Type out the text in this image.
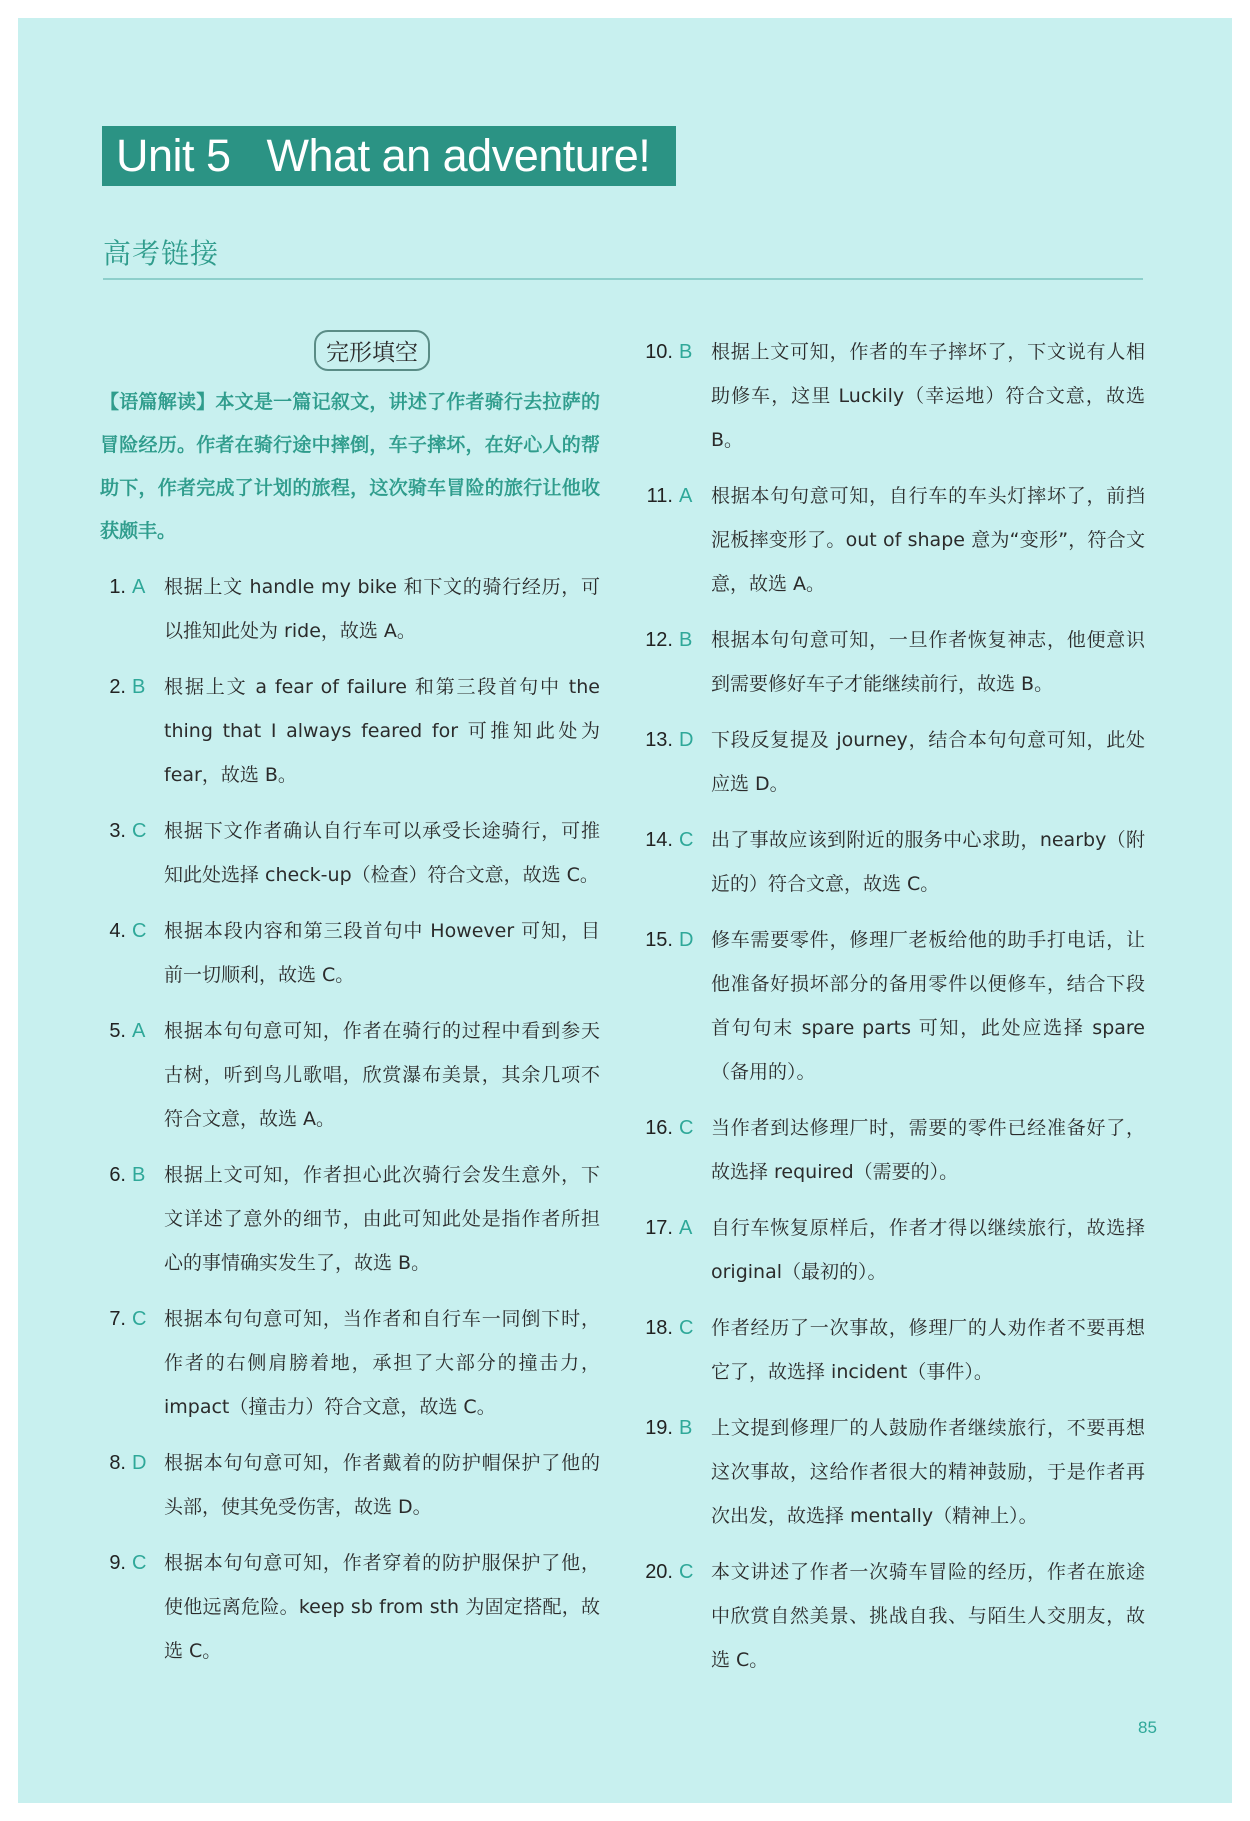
Unit 5   What an adventure!
高考链接
完形填空

【语篇解读】本文是一篇记叙文，讲述了作者骑行去拉萨的冒险经历。作者在骑行途中摔倒，车子摔坏，在好心人的帮助下，作者完成了计划的旅程，这次骑车冒险的旅行让他收获颇丰。

1. A 根据上文 handle my bike 和下文的骑行经历，可以推知此处为 ride，故选 A。
2. B 根据上文 a fear of failure 和第三段首句中 the thing that I always feared for 可推知此处为 fear，故选 B。
3. C 根据下文作者确认自行车可以承受长途骑行，可推知此处选择 check-up（检查）符合文意，故选 C。
4. C 根据本段内容和第三段首句中 However 可知，目前一切顺利，故选 C。
5. A 根据本句句意可知，作者在骑行的过程中看到参天古树，听到鸟儿歌唱，欣赏瀑布美景，其余几项不符合文意，故选 A。
6. B 根据上文可知，作者担心此次骑行会发生意外，下文详述了意外的细节，由此可知此处是指作者所担心的事情确实发生了，故选 B。
7. C 根据本句句意可知，当作者和自行车一同倒下时，作者的右侧肩膀着地，承担了大部分的撞击力，impact（撞击力）符合文意，故选 C。
8. D 根据本句句意可知，作者戴着的防护帽保护了他的头部，使其免受伤害，故选 D。
9. C 根据本句句意可知，作者穿着的防护服保护了他，使他远离危险。keep sb from sth 为固定搭配，故选 C。
10. B 根据上文可知，作者的车子摔坏了，下文说有人相助修车，这里 Luckily（幸运地）符合文意，故选 B。
11. A 根据本句句意可知，自行车的车头灯摔坏了，前挡泥板摔变形了。out of shape 意为“变形”，符合文意，故选 A。
12. B 根据本句句意可知，一旦作者恢复神志，他便意识到需要修好车子才能继续前行，故选 B。
13. D 下段反复提及 journey，结合本句句意可知，此处应选 D。
14. C 出了事故应该到附近的服务中心求助，nearby（附近的）符合文意，故选 C。
15. D 修车需要零件，修理厂老板给他的助手打电话，让他准备好损坏部分的备用零件以便修车，结合下段首句句末 spare parts 可知，此处应选择 spare（备用的）。
16. C 当作者到达修理厂时，需要的零件已经准备好了，故选择 required（需要的）。
17. A 自行车恢复原样后，作者才得以继续旅行，故选择 original（最初的）。
18. C 作者经历了一次事故，修理厂的人劝作者不要再想它了，故选择 incident（事件）。
19. B 上文提到修理厂的人鼓励作者继续旅行，不要再想这次事故，这给作者很大的精神鼓励，于是作者再次出发，故选择 mentally（精神上）。
20. C 本文讲述了作者一次骑车冒险的经历，作者在旅途中欣赏自然美景、挑战自我、与陌生人交朋友，故选 C。
85
